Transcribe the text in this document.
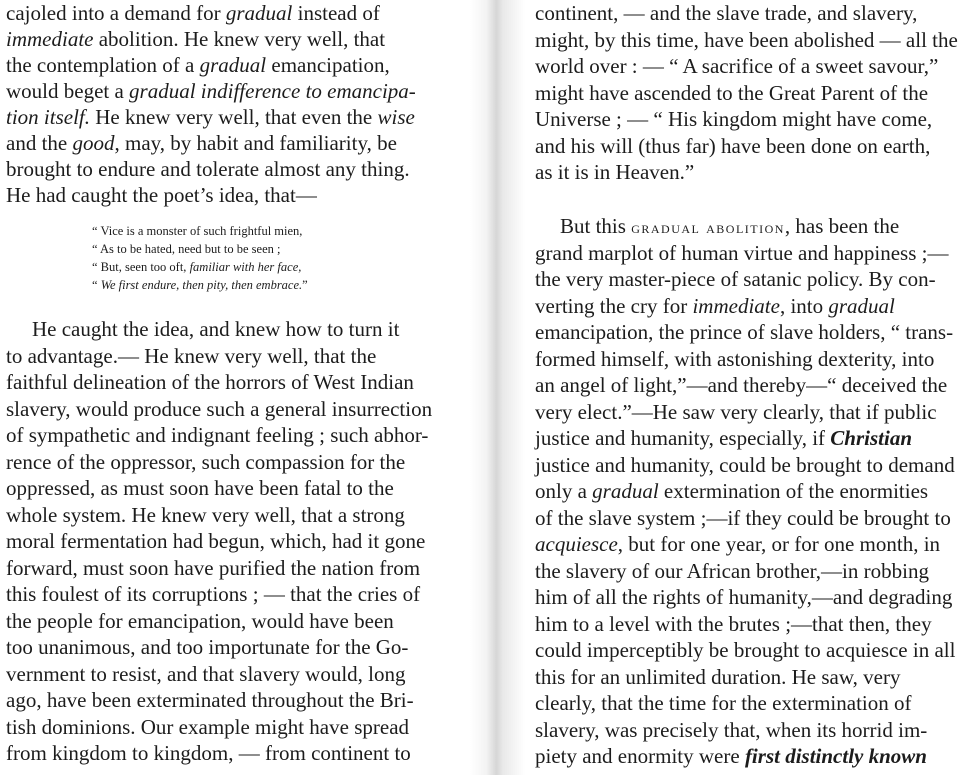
cajoled into a demand for gradual instead of
immediate abolition. He knew very well, that
the contemplation of a gradual emancipation,
would beget a gradual indifference to emancipa-
tion itself. He knew very well, that even the wise
and the good, may, by habit and familiarity, be
brought to endure and tolerate almost any thing.
He had caught the poet’s idea, that—
“ Vice is a monster of such frightful mien,
“ As to be hated, need but to be seen ;
“ But, seen too oft, familiar with her face,
“ We first endure, then pity, then embrace.”
He caught the idea, and knew how to turn it
to advantage.— He knew very well, that the
faithful delineation of the horrors of West Indian
slavery, would produce such a general insurrection
of sympathetic and indignant feeling ; such abhor-
rence of the oppressor, such compassion for the
oppressed, as must soon have been fatal to the
whole system. He knew very well, that a strong
moral fermentation had begun, which, had it gone
forward, must soon have purified the nation from
this foulest of its corruptions ; — that the cries of
the people for emancipation, would have been
too unanimous, and too importunate for the Go-
vernment to resist, and that slavery would, long
ago, have been exterminated throughout the Bri-
tish dominions. Our example might have spread
from kingdom to kingdom, — from continent to
continent, — and the slave trade, and slavery,
might, by this time, have been abolished — all the
world over : — “ A sacrifice of a sweet savour,”
might have ascended to the Great Parent of the
Universe ; — “ His kingdom might have come,
and his will (thus far) have been done on earth,
as it is in Heaven.”
But this gradual abolition, has been the
grand marplot of human virtue and happiness ;—
the very master-piece of satanic policy. By con-
verting the cry for immediate, into gradual
emancipation, the prince of slave holders, “ trans-
formed himself, with astonishing dexterity, into
an angel of light,”—and thereby—“ deceived the
very elect.”—He saw very clearly, that if public
justice and humanity, especially, if Christian
justice and humanity, could be brought to demand
only a gradual extermination of the enormities
of the slave system ;—if they could be brought to
acquiesce, but for one year, or for one month, in
the slavery of our African brother,—in robbing
him of all the rights of humanity,—and degrading
him to a level with the brutes ;—that then, they
could imperceptibly be brought to acquiesce in all
this for an unlimited duration. He saw, very
clearly, that the time for the extermination of
slavery, was precisely that, when its horrid im-
piety and enormity were first distinctly known
